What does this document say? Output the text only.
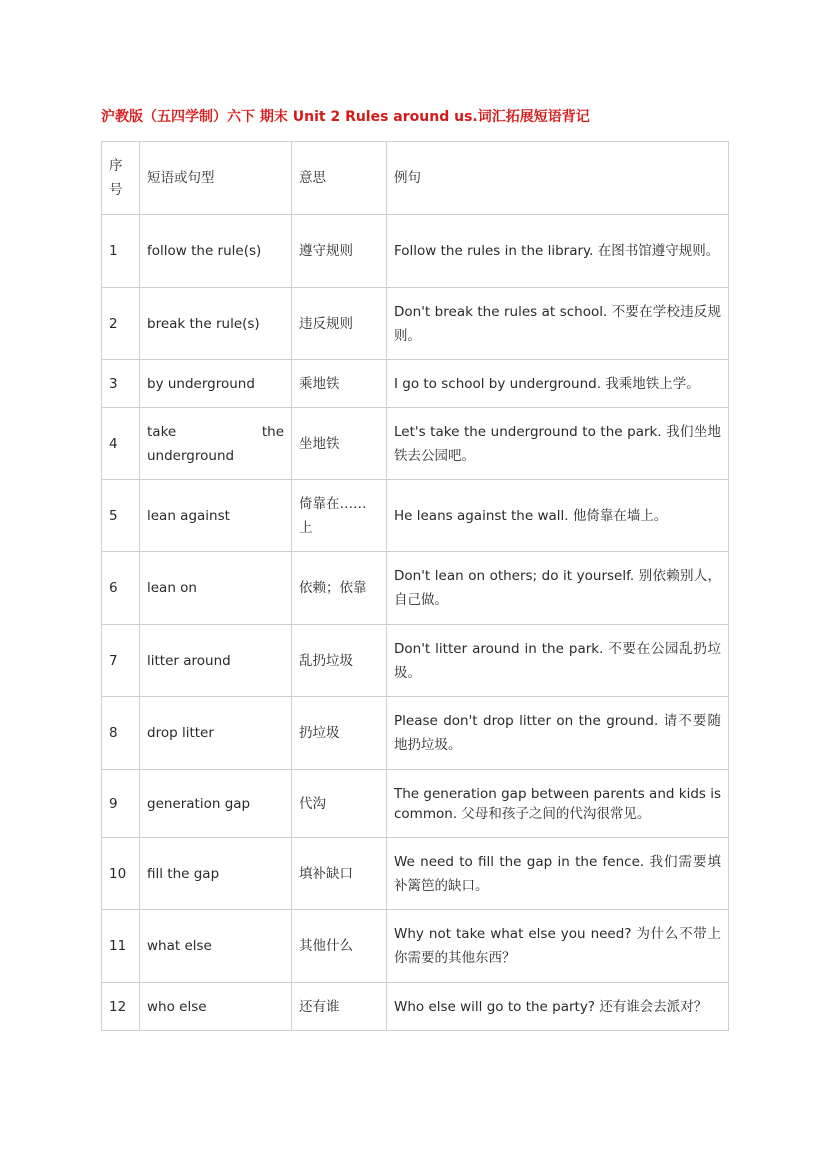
沪教版（五四学制）六下 期末 Unit 2 Rules around us.词汇拓展短语背记
序号	短语或句型	意思	例句
1	follow the rule(s)	遵守规则	Follow the rules in the library. 在图书馆遵守规则。
2	break the rule(s)	违反规则	Don't break the rules at school. 不要在学校违反规则。
3	by underground	乘地铁	I go to school by underground. 我乘地铁上学。
4	take the underground	坐地铁	Let's take the underground to the park. 我们坐地铁去公园吧。
5	lean against	倚靠在……上	He leans against the wall. 他倚靠在墙上。
6	lean on	依赖；依靠	Don't lean on others; do it yourself. 别依赖别人，自己做。
7	litter around	乱扔垃圾	Don't litter around in the park. 不要在公园乱扔垃圾。
8	drop litter	扔垃圾	Please don't drop litter on the ground. 请不要随地扔垃圾。
9	generation gap	代沟	The generation gap between parents and kids is common. 父母和孩子之间的代沟很常见。
10	fill the gap	填补缺口	We need to fill the gap in the fence. 我们需要填补篱笆的缺口。
11	what else	其他什么	Why not take what else you need? 为什么不带上你需要的其他东西？
12	who else	还有谁	Who else will go to the party? 还有谁会去派对？
